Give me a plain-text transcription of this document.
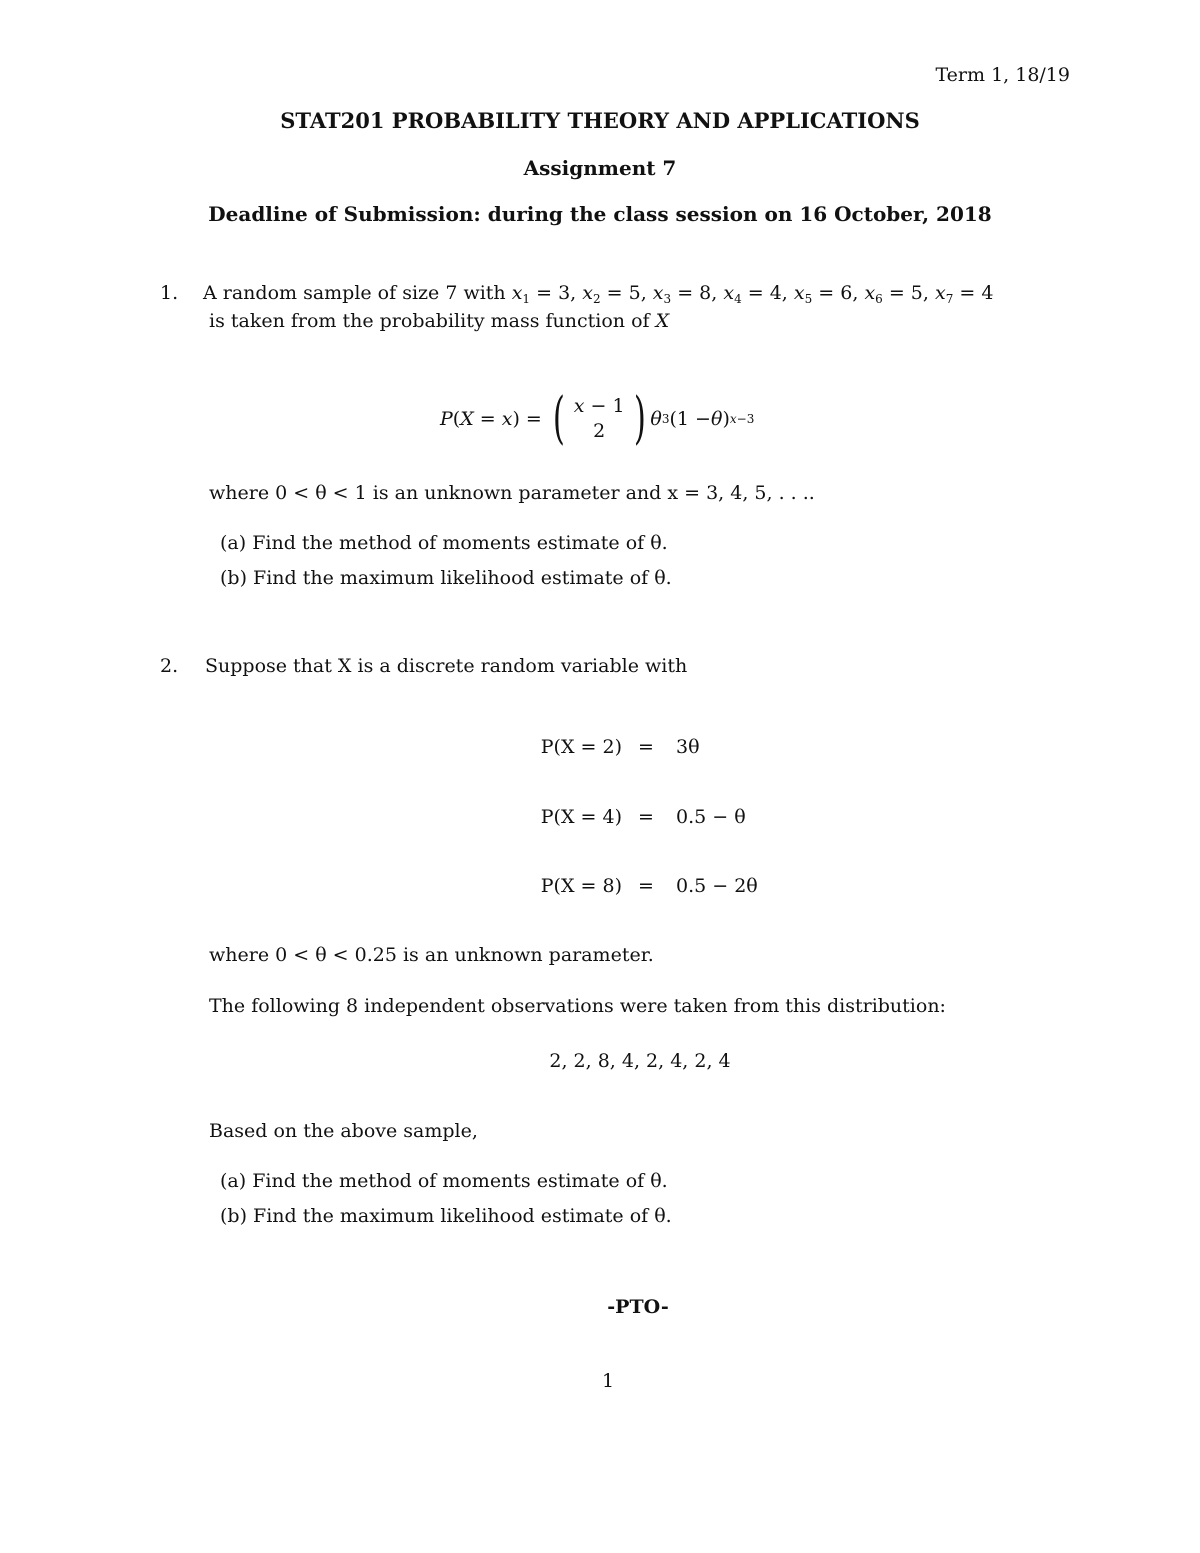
Term 1, 18/19
STAT201 PROBABILITY THEORY AND APPLICATIONS
Assignment 7
Deadline of Submission: during the class session on 16 October, 2018
1. A random sample of size 7 with $x_1 = 3$, $x_2 = 5$, $x_3 = 8$, $x_4 = 4$, $x_5 = 6$, $x_6 = 5$, $x_7 = 4$
is taken from the probability mass function of X
P ( X = x ) = ( x − 1
2 ) θ 3 (1 − θ ) x−3
where 0 < θ < 1 is an unknown parameter and x = 3, 4, 5, . . ..
(a) Find the method of moments estimate of θ.
(b) Find the maximum likelihood estimate of θ.
2. Suppose that X is a discrete random variable with
P(X = 2) = 3θ
P(X = 4) = 0.5 − θ
P(X = 8) = 0.5 − 2θ
where 0 < θ < 0.25 is an unknown parameter.
The following 8 independent observations were taken from this distribution:
2, 2, 8, 4, 2, 4, 2, 4
Based on the above sample,
(a) Find the method of moments estimate of θ.
(b) Find the maximum likelihood estimate of θ.
-PTO-
1
